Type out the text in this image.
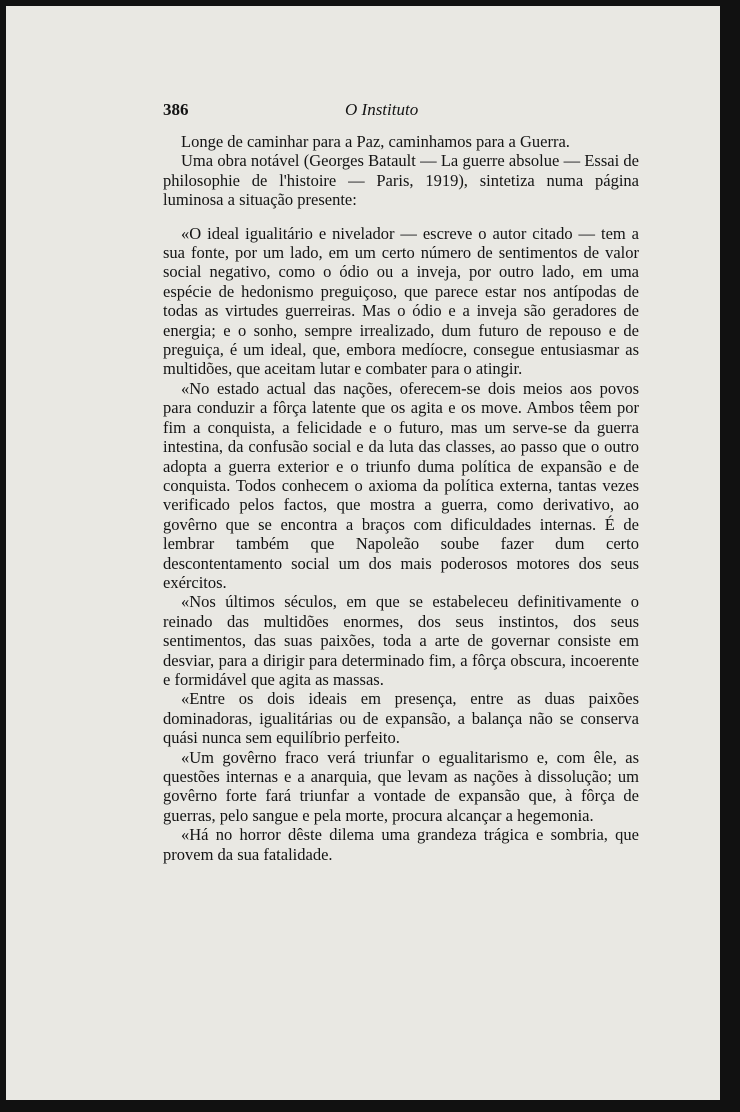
386	O Instituto

Longe de caminhar para a Paz, caminhamos para a Guerra.

Uma obra notável (Georges Batault — La guerre absolue — Essai de philosophie de l'histoire — Paris, 1919), sintetiza numa página luminosa a situação presente:

«O ideal igualitário e nivelador — escreve o autor citado — tem a sua fonte, por um lado, em um certo número de sentimentos de valor social negativo, como o ódio ou a inveja, por outro lado, em uma espécie de hedonismo preguiçoso, que parece estar nos antípodas de todas as virtudes guerreiras. Mas o ódio e a inveja são geradores de energia; e o sonho, sempre irrealizado, dum futuro de repouso e de preguiça, é um ideal, que, embora medíocre, consegue entusiasmar as multidões, que aceitam lutar e combater para o atingir.

«No estado actual das nações, oferecem-se dois meios aos povos para conduzir a fôrça latente que os agita e os move. Ambos têem por fim a conquista, a felicidade e o futuro, mas um serve-se da guerra intestina, da confusão social e da luta das classes, ao passo que o outro adopta a guerra exterior e o triunfo duma política de expansão e de conquista. Todos conhecem o axioma da política externa, tantas vezes verificado pelos factos, que mostra a guerra, como derivativo, ao govêrno que se encontra a braços com dificuldades internas. É de lembrar também que Napoleão soube fazer dum certo descontentamento social um dos mais poderosos motores dos seus exércitos.

«Nos últimos séculos, em que se estabeleceu definitivamente o reinado das multidões enormes, dos seus instintos, dos seus sentimentos, das suas paixões, toda a arte de governar consiste em desviar, para a dirigir para determinado fim, a fôrça obscura, incoerente e formidável que agita as massas.

«Entre os dois ideais em presença, entre as duas paixões dominadoras, igualitárias ou de expansão, a balança não se conserva quási nunca sem equilíbrio perfeito.

«Um govêrno fraco verá triunfar o egualitarismo e, com êle, as questões internas e a anarquia, que levam as nações à dissolução; um govêrno forte fará triunfar a vontade de expansão que, à fôrça de guerras, pelo sangue e pela morte, procura alcançar a hegemonia.

«Há no horror dêste dilema uma grandeza trágica e sombria, que provem da sua fatalidade.
